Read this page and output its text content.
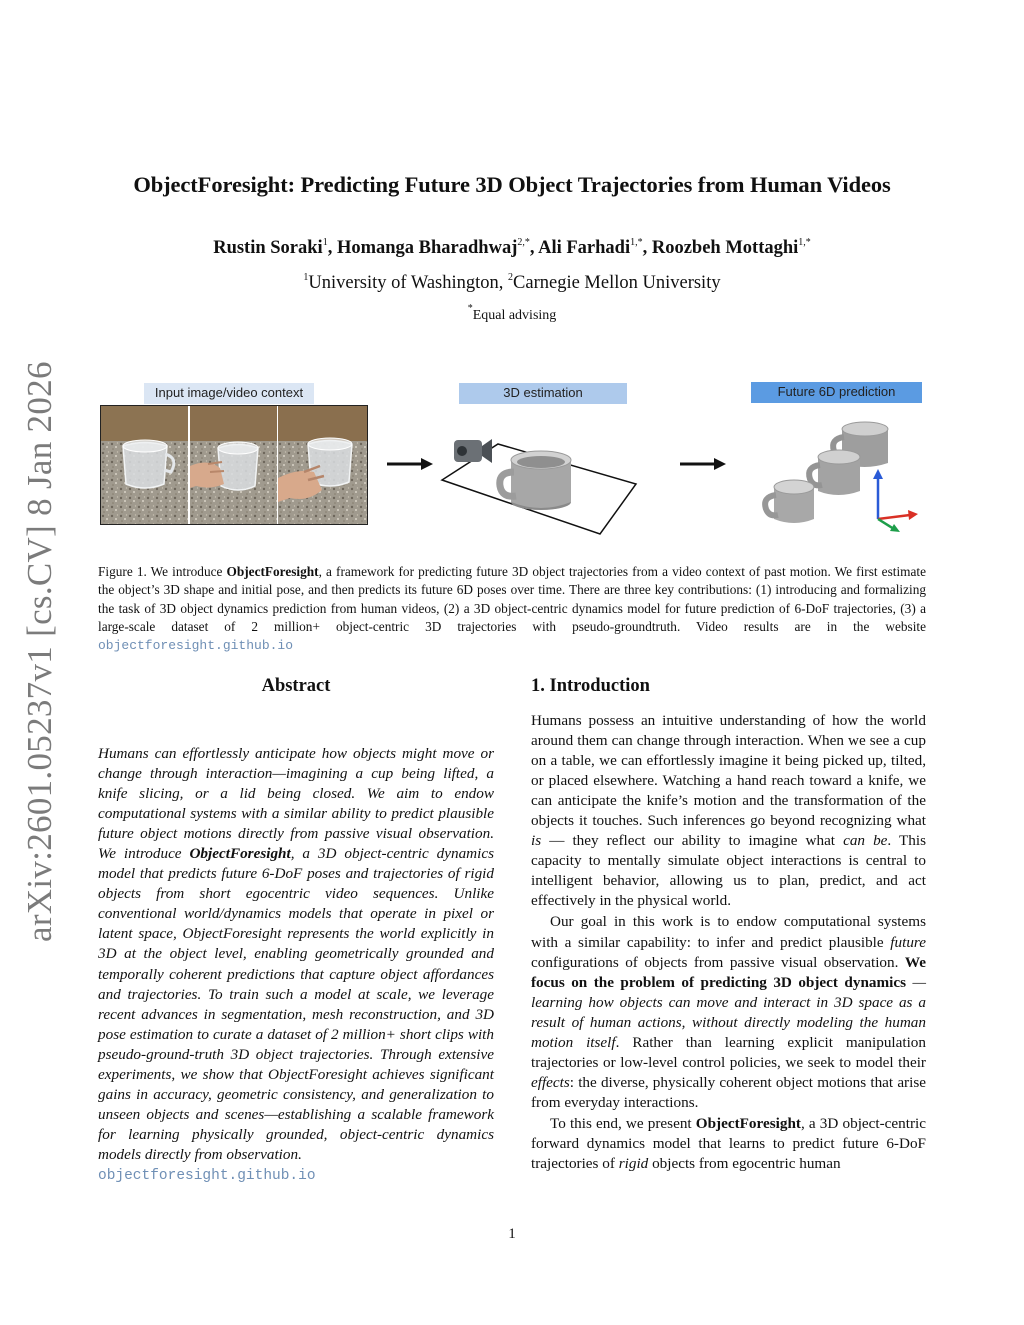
arXiv:2601.05237v1 [cs.CV] 8 Jan 2026
ObjectForesight: Predicting Future 3D Object Trajectories from Human Videos
Rustin Soraki$^1$, Homanga Bharadhwaj$^{2,*}$, Ali Farhadi$^{1,*}$, Roozbeh Mottaghi$^{1,*}$
$^1$University of Washington, $^2$Carnegie Mellon University
*Equal advising
Input image/video context	3D estimation	Future 6D prediction
Figure 1. We introduce ObjectForesight, a framework for predicting future 3D object trajectories from a video context of past motion. We first estimate the object’s 3D shape and initial pose, and then predicts its future 6D poses over time. There are three key contributions: (1) introducing and formalizing the task of 3D object dynamics prediction from human videos, (2) a 3D object-centric dynamics model for future prediction of 6-DoF trajectories, (3) a large-scale dataset of 2 million+ object-centric 3D trajectories with pseudo-groundtruth. Video results are in the website objectforesight.github.io
Abstract
Humans can effortlessly anticipate how objects might move or change through interaction—imagining a cup being lifted, a knife slicing, or a lid being closed. We aim to endow computational systems with a similar ability to predict plausible future object motions directly from passive visual observation. We introduce ObjectForesight, a 3D object-centric dynamics model that predicts future 6-DoF poses and trajectories of rigid objects from short egocentric video sequences. Unlike conventional world/dynamics models that operate in pixel or latent space, ObjectForesight represents the world explicitly in 3D at the object level, enabling geometrically grounded and temporally coherent predictions that capture object affordances and trajectories. To train such a model at scale, we leverage recent advances in segmentation, mesh reconstruction, and 3D pose estimation to curate a dataset of 2 million+ short clips with pseudo-ground-truth 3D object trajectories. Through extensive experiments, we show that ObjectForesight achieves significant gains in accuracy, geometric consistency, and generalization to unseen objects and scenes—establishing a scalable framework for learning physically grounded, object-centric dynamics models directly from observation.
objectforesight.github.io
1. Introduction

Humans possess an intuitive understanding of how the world around them can change through interaction. When we see a cup on a table, we can effortlessly imagine it being picked up, tilted, or placed elsewhere. Watching a hand reach toward a knife, we can anticipate the knife’s motion and the transformation of the objects it touches. Such inferences go beyond recognizing what is — they reflect our ability to imagine what can be. This capacity to mentally simulate object interactions is central to intelligent behavior, allowing us to plan, predict, and act effectively in the physical world.

Our goal in this work is to endow computational systems with a similar capability: to infer and predict plausible future configurations of objects from passive visual observation. We focus on the problem of predicting 3D object dynamics — learning how objects can move and interact in 3D space as a result of human actions, without directly modeling the human motion itself. Rather than learning explicit manipulation trajectories or low-level control policies, we seek to model their effects: the diverse, physically coherent object motions that arise from everyday interactions.

To this end, we present ObjectForesight, a 3D object-centric forward dynamics model that learns to predict future 6-DoF trajectories of rigid objects from egocentric human

1
